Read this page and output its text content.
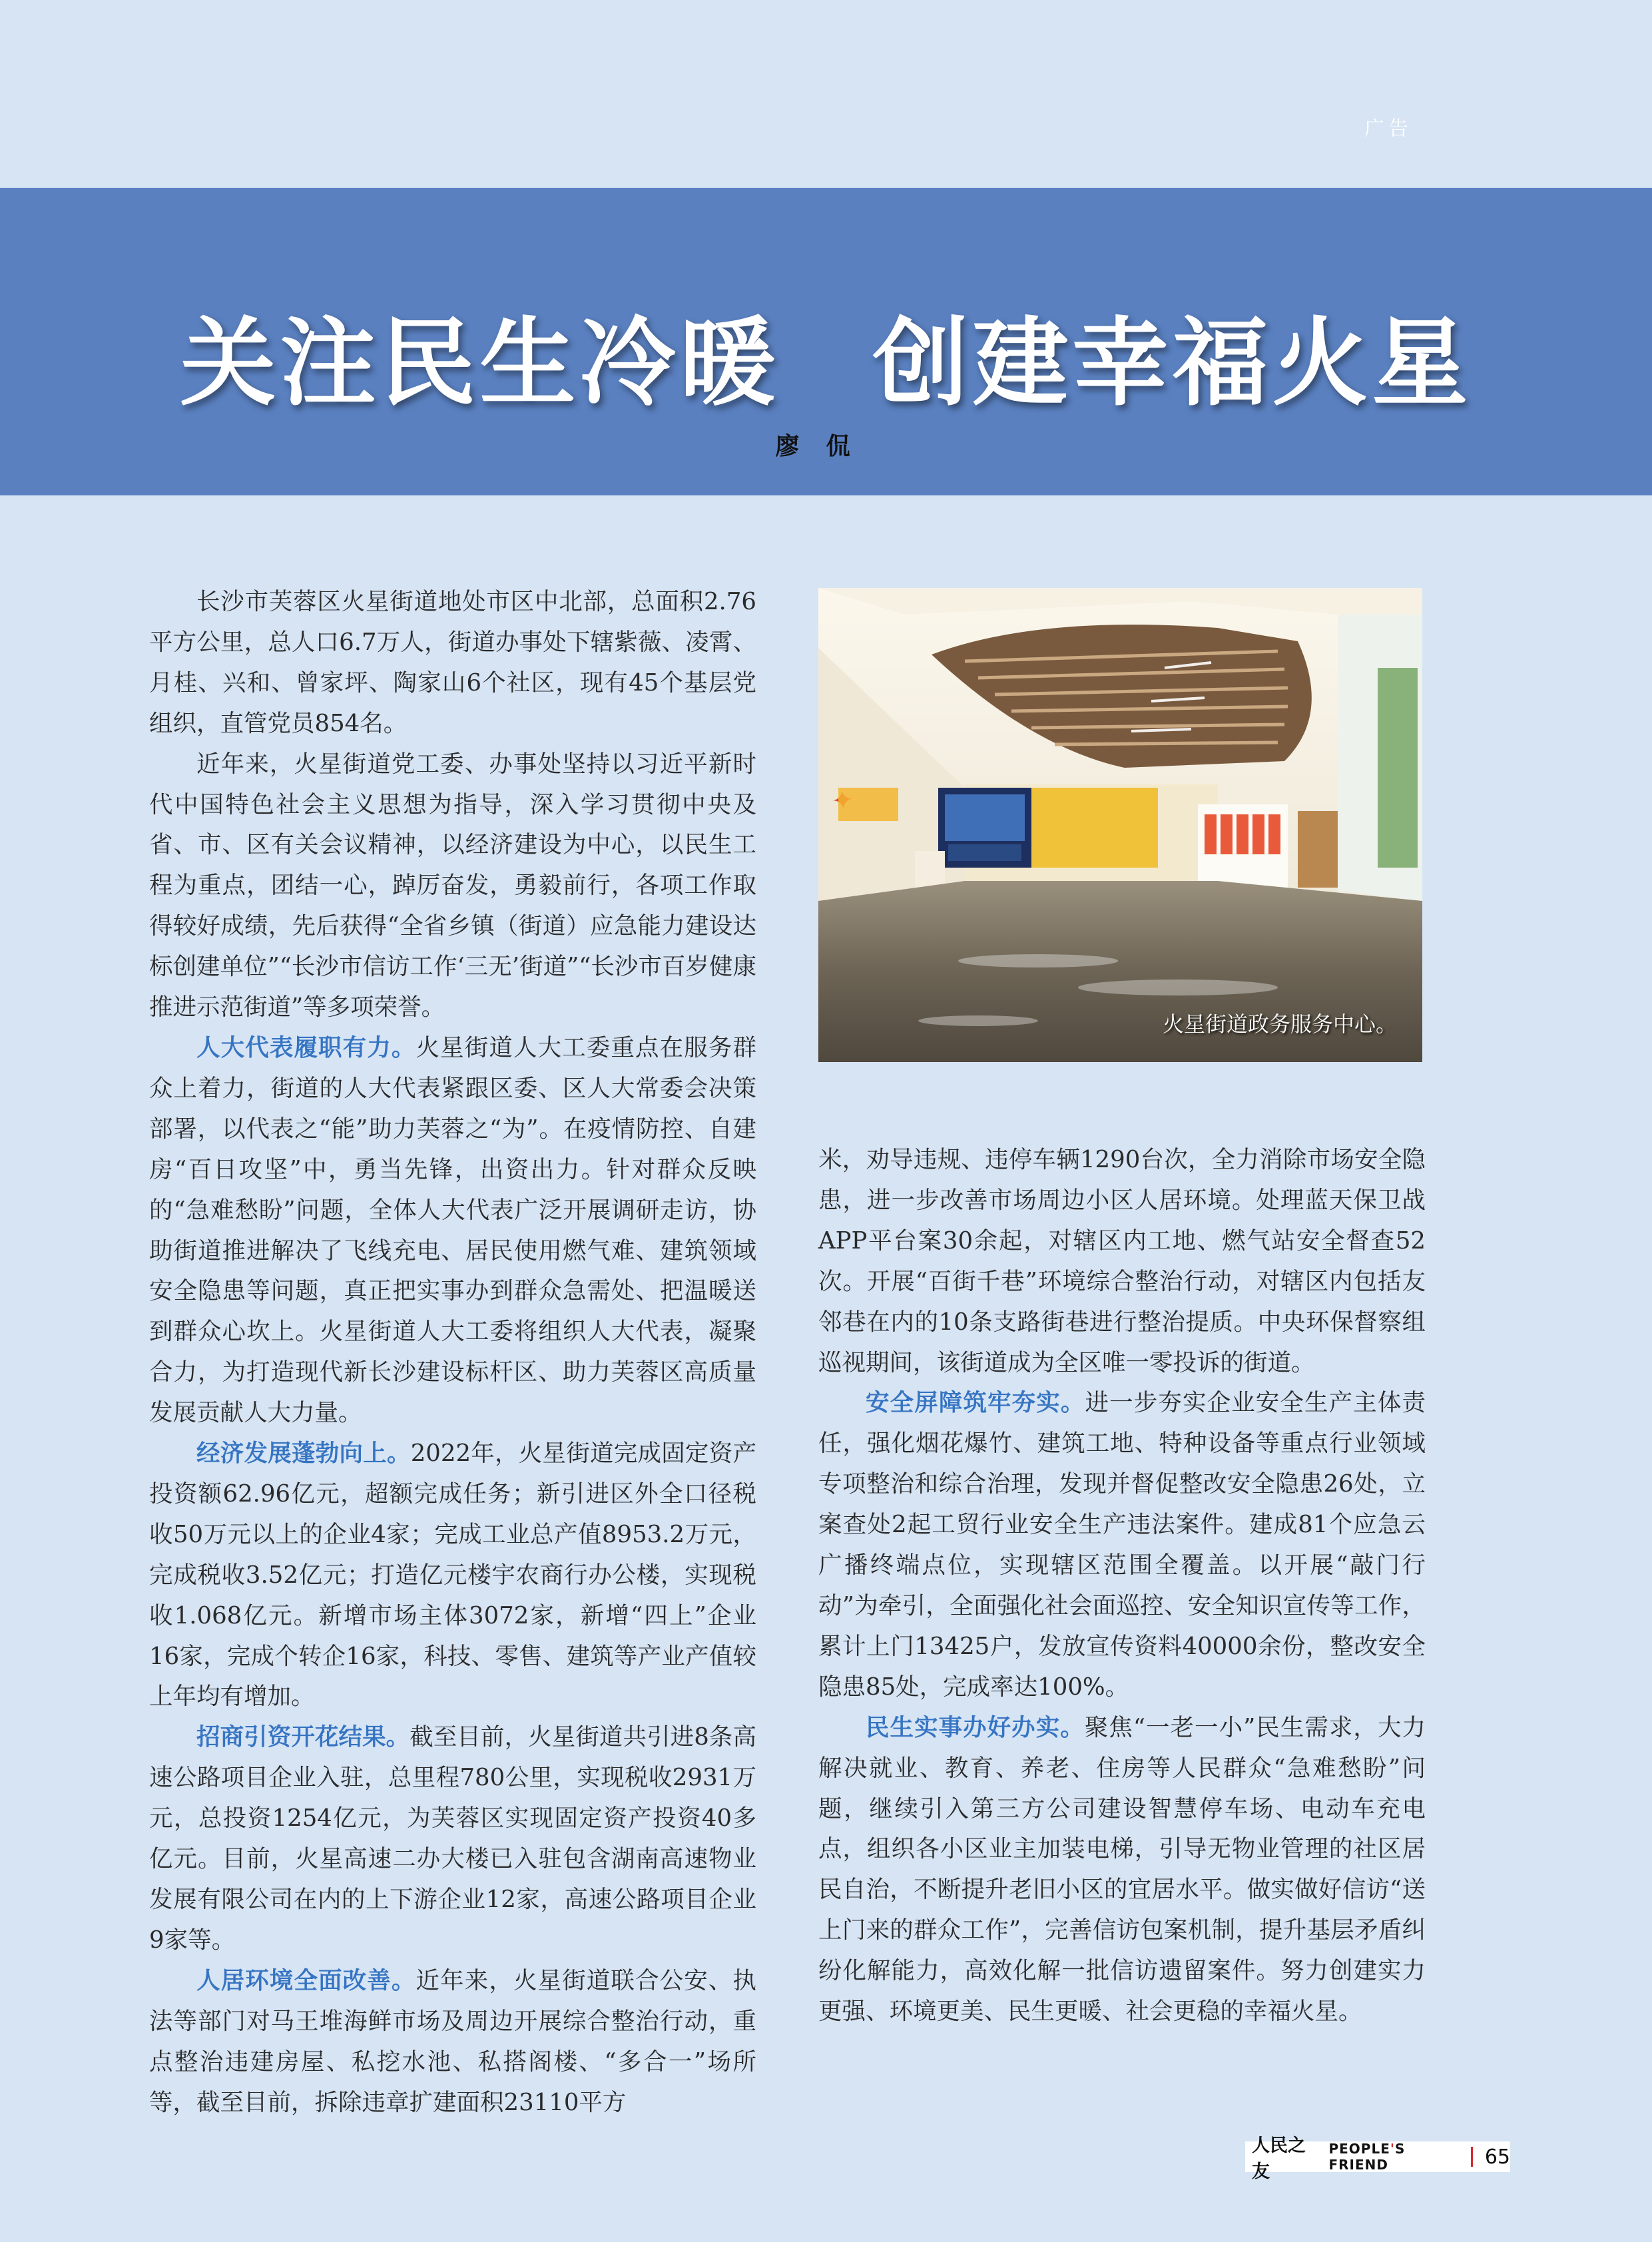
广告
关注民生冷暖 创建幸福火星
廖侃

长沙市芙蓉区火星街道地处市区中北部，总面积2.76平方公里，总人口6.7万人，街道办事处下辖紫薇、凌霄、月桂、兴和、曾家坪、陶家山6个社区，现有45个基层党组织，直管党员854名。

近年来，火星街道党工委、办事处坚持以习近平新时代中国特色社会主义思想为指导，深入学习贯彻中央及省、市、区有关会议精神，以经济建设为中心，以民生工程为重点，团结一心，踔厉奋发，勇毅前行，各项工作取得较好成绩，先后获得“全省乡镇（街道）应急能力建设达标创建单位”“长沙市信访工作‘三无’街道”“长沙市百岁健康推进示范街道”等多项荣誉。

人大代表履职有力。火星街道人大工委重点在服务群众上着力，街道的人大代表紧跟区委、区人大常委会决策部署，以代表之“能”助力芙蓉之“为”。在疫情防控、自建房“百日攻坚”中，勇当先锋，出资出力。针对群众反映的“急难愁盼”问题，全体人大代表广泛开展调研走访，协助街道推进解决了飞线充电、居民使用燃气难、建筑领域安全隐患等问题，真正把实事办到群众急需处、把温暖送到群众心坎上。火星街道人大工委将组织人大代表，凝聚合力，为打造现代新长沙建设标杆区、助力芙蓉区高质量发展贡献人大力量。

经济发展蓬勃向上。2022年，火星街道完成固定资产投资额62.96亿元，超额完成任务；新引进区外全口径税收50万元以上的企业4家；完成工业总产值8953.2万元，完成税收3.52亿元；打造亿元楼宇农商行办公楼，实现税收1.068亿元。新增市场主体3072家，新增“四上”企业16家，完成个转企16家，科技、零售、建筑等产业产值较上年均有增加。

招商引资开花结果。截至目前，火星街道共引进8条高速公路项目企业入驻，总里程780公里，实现税收2931万元，总投资1254亿元，为芙蓉区实现固定资产投资40多亿元。目前，火星高速二办大楼已入驻包含湖南高速物业发展有限公司在内的上下游企业12家，高速公路项目企业9家等。

人居环境全面改善。近年来，火星街道联合公安、执法等部门对马王堆海鲜市场及周边开展综合整治行动，重点整治违建房屋、私挖水池、私搭阁楼、“多合一”场所等，截至目前，拆除违章扩建面积23110平方

火星街道政务服务中心。

米，劝导违规、违停车辆1290台次，全力消除市场安全隐患，进一步改善市场周边小区人居环境。处理蓝天保卫战APP平台案30余起，对辖区内工地、燃气站安全督查52次。开展“百街千巷”环境综合整治行动，对辖区内包括友邻巷在内的10条支路街巷进行整治提质。中央环保督察组巡视期间，该街道成为全区唯一零投诉的街道。

安全屏障筑牢夯实。进一步夯实企业安全生产主体责任，强化烟花爆竹、建筑工地、特种设备等重点行业领域专项整治和综合治理，发现并督促整改安全隐患26处，立案查处2起工贸行业安全生产违法案件。建成81个应急云广播终端点位，实现辖区范围全覆盖。以开展“敲门行动”为牵引，全面强化社会面巡控、安全知识宣传等工作，累计上门13425户，发放宣传资料40000余份，整改安全隐患85处，完成率达100%。

民生实事办好办实。聚焦“一老一小”民生需求，大力解决就业、教育、养老、住房等人民群众“急难愁盼”问题，继续引入第三方公司建设智慧停车场、电动车充电点，组织各小区业主加装电梯，引导无物业管理的社区居民自治，不断提升老旧小区的宜居水平。做实做好信访“送上门来的群众工作”，完善信访包案机制，提升基层矛盾纠纷化解能力，高效化解一批信访遗留案件。努力创建实力更强、环境更美、民生更暖、社会更稳的幸福火星。

人民之友
PEOPLE'S FRIEND	65
